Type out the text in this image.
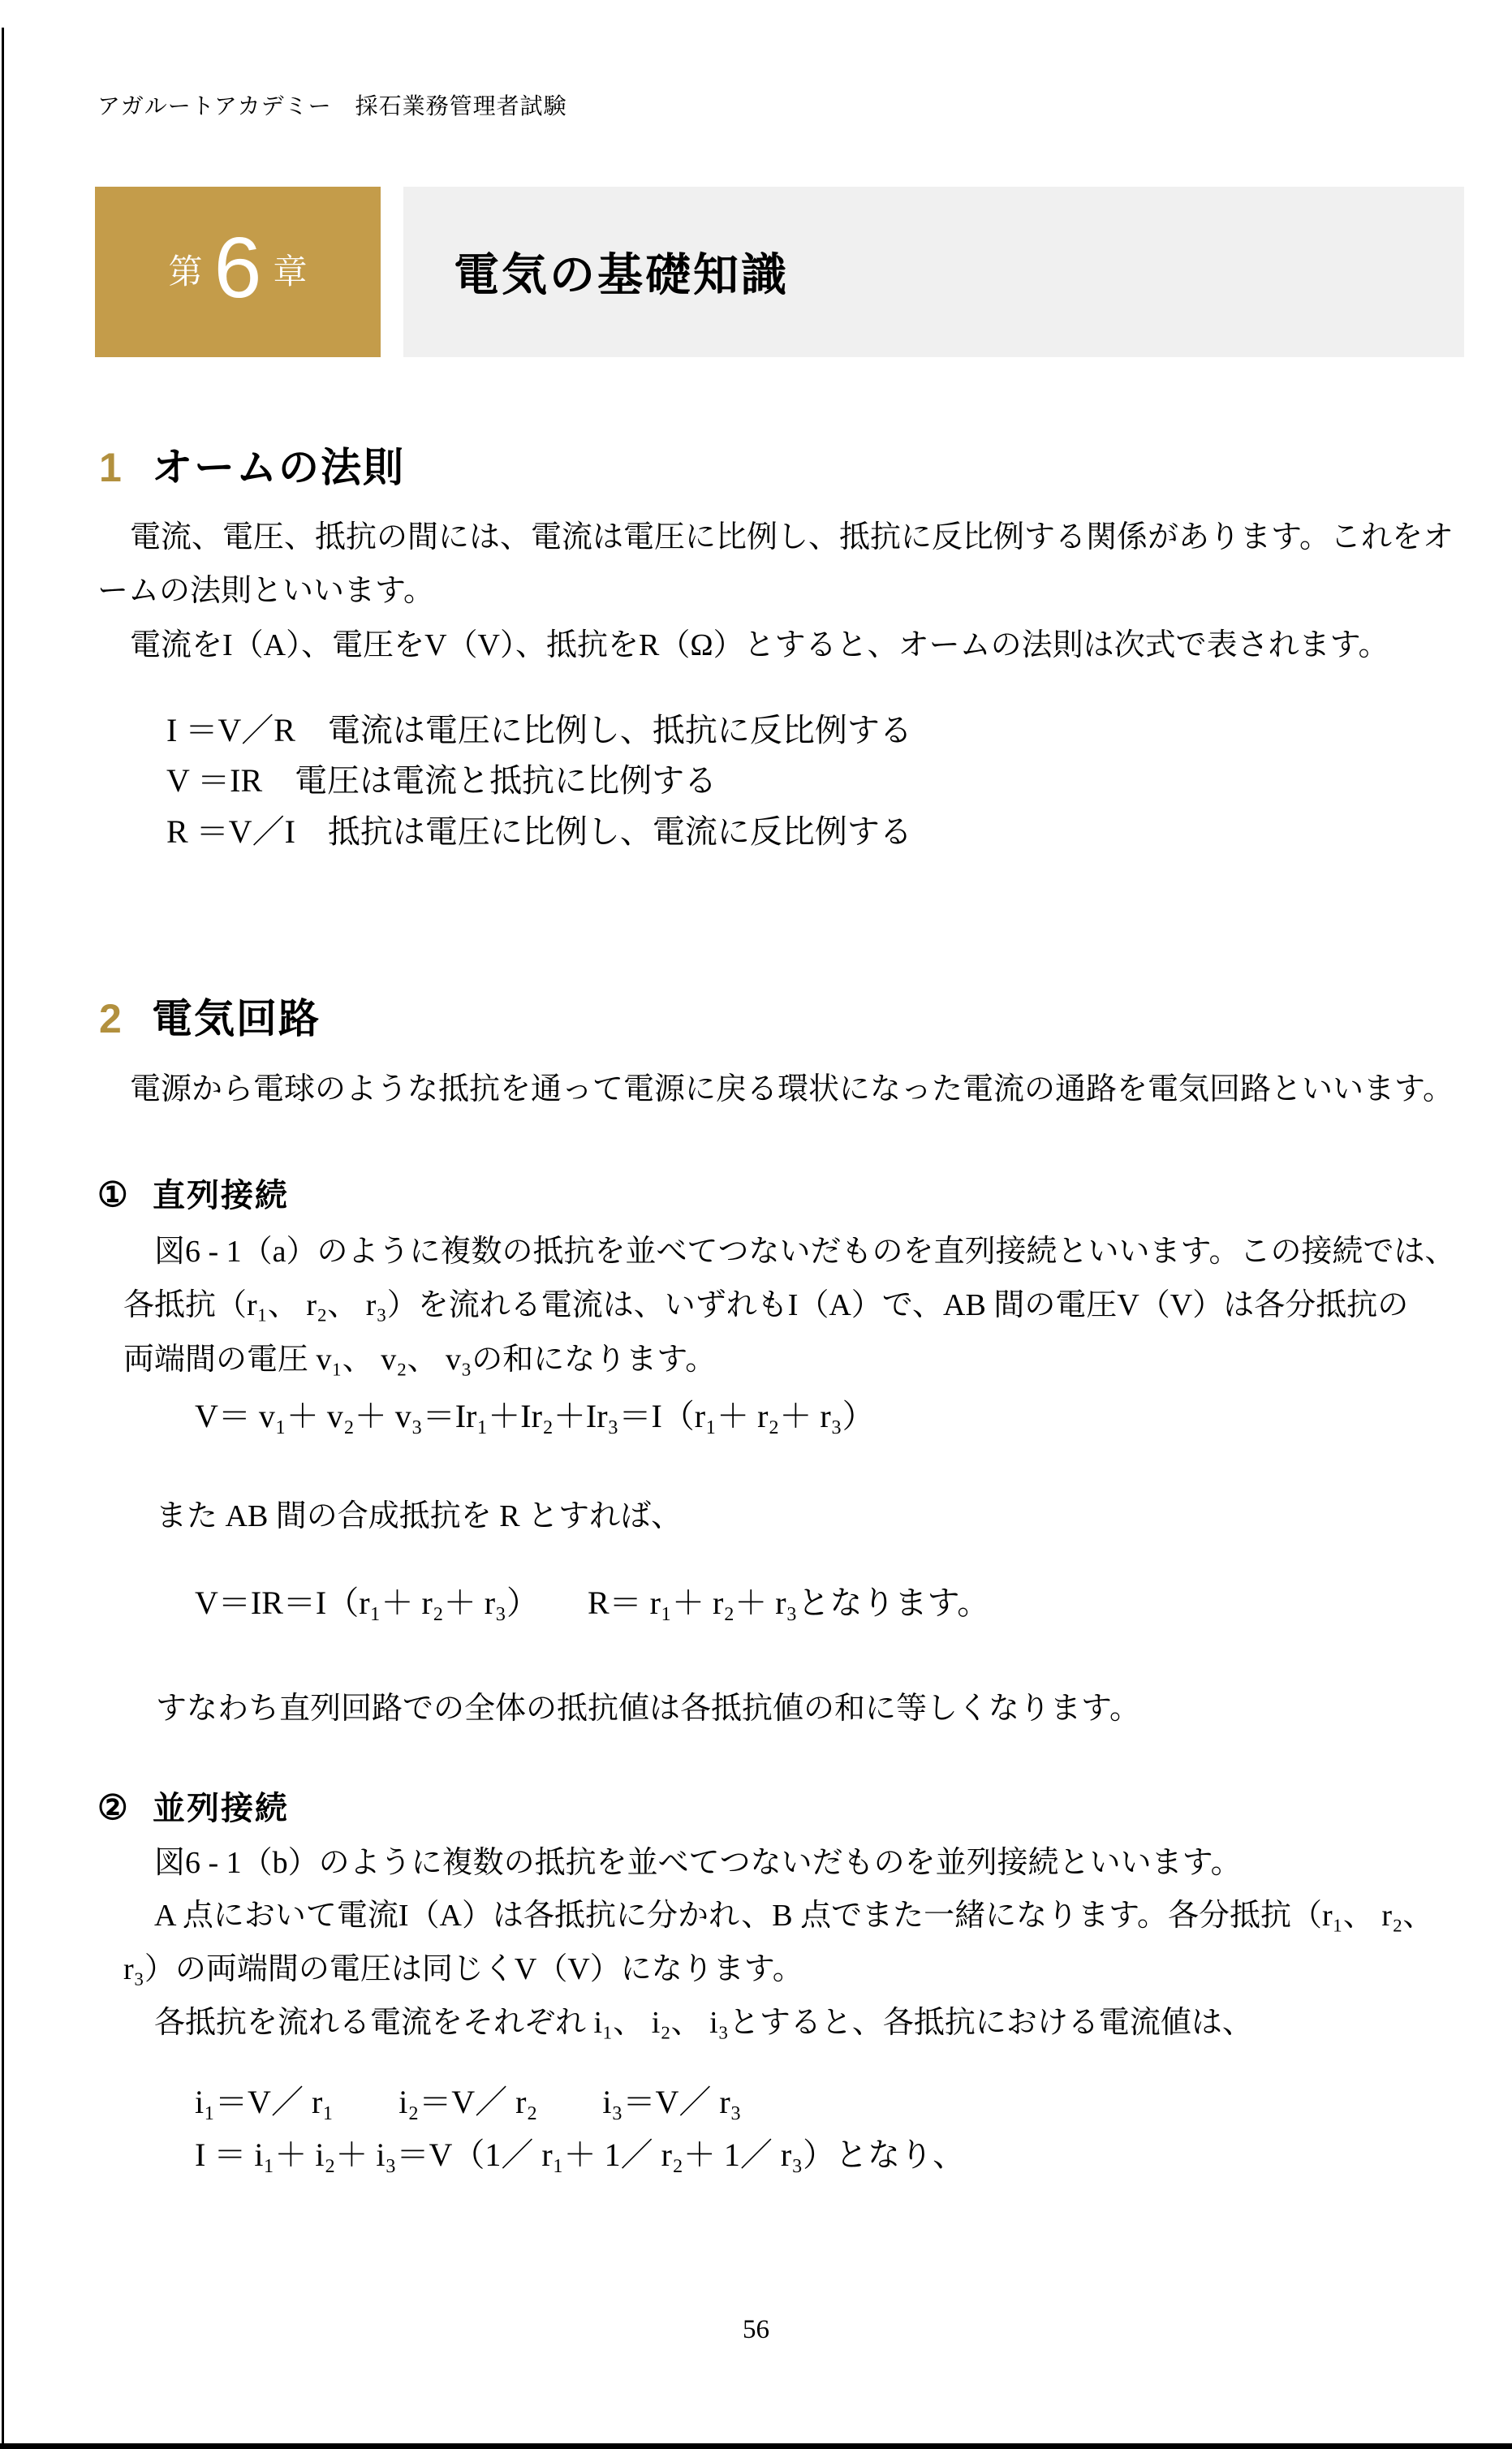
アガルートアカデミー　採石業務管理者試験
第 6 章	電気の基礎知識
1 オームの法則
電流、電圧、抵抗の間には、電流は電圧に比例し、抵抗に反比例する関係があります。これをオ
ームの法則といいます。
電流をI（A）、電圧をV（V）、抵抗をR（Ω）とすると、オームの法則は次式で表されます。
I ＝V／R　電流は電圧に比例し、抵抗に反比例する
V ＝IR　電圧は電流と抵抗に比例する
R ＝V／I　抵抗は電圧に比例し、電流に反比例する
2 電気回路
電源から電球のような抵抗を通って電源に戻る環状になった電流の通路を電気回路といいます。
① 直列接続
図6 - 1（a）のように複数の抵抗を並べてつないだものを直列接続といいます。この接続では、
各抵抗（r₁、 r₂、 r₃）を流れる電流は、いずれもI（A）で、AB 間の電圧V（V）は各分抵抗の
両端間の電圧 v₁、 v₂、 v₃の和になります。
V＝ v₁＋ v₂＋ v₃＝Ir₁＋Ir₂＋Ir₃＝I（r₁＋ r₂＋ r₃）
また AB 間の合成抵抗を R とすれば、
V＝IR＝I（r₁＋ r₂＋ r₃）　　R＝ r₁＋ r₂＋ r₃となります。
すなわち直列回路での全体の抵抗値は各抵抗値の和に等しくなります。
② 並列接続
図6 - 1（b）のように複数の抵抗を並べてつないだものを並列接続といいます。
A 点において電流I（A）は各抵抗に分かれ、B 点でまた一緒になります。各分抵抗（r₁、 r₂、
r₃）の両端間の電圧は同じくV（V）になります。
各抵抗を流れる電流をそれぞれ i₁、 i₂、 i₃とすると、各抵抗における電流値は、
i₁＝V／ r₁　　i₂＝V／ r₂　　i₃＝V／ r₃
I ＝ i₁＋ i₂＋ i₃＝V（1／ r₁＋ 1／ r₂＋ 1／ r₃）となり、
56
